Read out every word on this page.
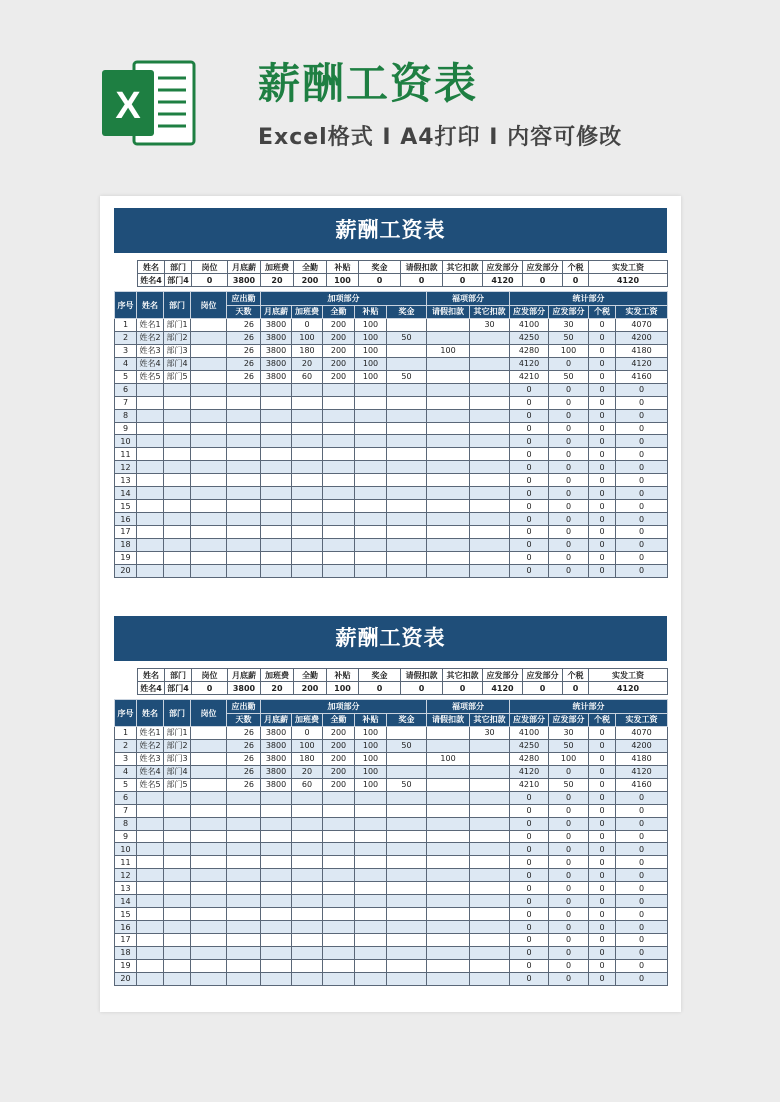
X	薪酬工资表
Excel格式 I A4打印 I 内容可修改
薪酬工资表
姓名	部门	岗位	月底薪	加班费	全勤	补贴	奖金	请假扣款	其它扣款	应发部分	应发部分	个税	实发工资
姓名4	部门4	0	3800	20	200	100	0	0	0	4120	0	0	4120
序号	姓名	部门	岗位	应出勤	加项部分					福项部分		统计部分			
				天数	月底薪	加班费	全勤	补贴	奖金	请假扣款	其它扣款	应发部分	应发部分	个税	实发工资
1	姓名1	部门1		26	3800	0	200	100			30	4100	30	0	4070
2	姓名2	部门2		26	3800	100	200	100	50			4250	50	0	4200
3	姓名3	部门3		26	3800	180	200	100		100		4280	100	0	4180
4	姓名4	部门4		26	3800	20	200	100				4120	0	0	4120
5	姓名5	部门5		26	3800	60	200	100	50			4210	50	0	4160
6												0	0	0	0
7												0	0	0	0
8												0	0	0	0
9												0	0	0	0
10												0	0	0	0
11												0	0	0	0
12												0	0	0	0
13												0	0	0	0
14												0	0	0	0
15												0	0	0	0
16												0	0	0	0
17												0	0	0	0
18												0	0	0	0
19												0	0	0	0
20												0	0	0	0
薪酬工资表
姓名	部门	岗位	月底薪	加班费	全勤	补贴	奖金	请假扣款	其它扣款	应发部分	应发部分	个税	实发工资
姓名4	部门4	0	3800	20	200	100	0	0	0	4120	0	0	4120
序号	姓名	部门	岗位	应出勤	加项部分					福项部分		统计部分			
				天数	月底薪	加班费	全勤	补贴	奖金	请假扣款	其它扣款	应发部分	应发部分	个税	实发工资
1	姓名1	部门1		26	3800	0	200	100			30	4100	30	0	4070
2	姓名2	部门2		26	3800	100	200	100	50			4250	50	0	4200
3	姓名3	部门3		26	3800	180	200	100		100		4280	100	0	4180
4	姓名4	部门4		26	3800	20	200	100				4120	0	0	4120
5	姓名5	部门5		26	3800	60	200	100	50			4210	50	0	4160
6												0	0	0	0
7												0	0	0	0
8												0	0	0	0
9												0	0	0	0
10												0	0	0	0
11												0	0	0	0
12												0	0	0	0
13												0	0	0	0
14												0	0	0	0
15												0	0	0	0
16												0	0	0	0
17												0	0	0	0
18												0	0	0	0
19												0	0	0	0
20												0	0	0	0
